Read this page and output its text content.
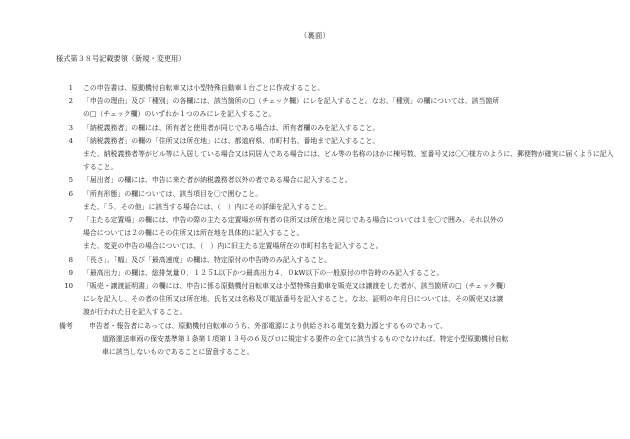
（裏面）
様式第３８号記載要領（新規・変更用）
1 この申告書は、原動機付自転車又は小型特殊自動車１台ごとに作成すること。
2 「申告の理由」及び「種別」の各欄には、該当箇所の□（チェック欄）にレを記入すること。なお、「種別」の欄については、該当箇所
の□（チェック欄）のいずれか１つのみにレを記入すること。
3 「納税義務者」の欄には、所有者と使用者が同じである場合は、所有者欄のみを記入すること。
4 「納税義務者」の欄の「住所又は所在地」には、都道府県、市町村名、番地まで記入すること。
また、納税義務者等がビル等に入居している場合又は同居人である場合には、ビル等の名称のほかに棟号数、室番号又は〇〇様方のように、郵便物が確実に届くように記入すること。
5 「届出者」の欄には、申告に来た者が納税義務者以外の者である場合に記入すること。
6 「所有形態」の欄については、該当項目を〇で囲むこと。
また、「５．その他」に該当する場合には、（　）内にその詳細を記入すること。
7 「主たる定置場」の欄には、申告の際の主たる定置場が所有者の住所又は所在地と同じである場合については１を〇で囲み、それ以外の
場合については２の欄にその住所又は所在地を具体的に記入すること。
また、変更の申告の場合については、（　）内に旧主たる定置場所在の市町村名を記入すること。
8 「長さ」、「幅」及び「最高速度」の欄は、特定原付の申告時のみ記入すること。
9 「最高出力」の欄は、総排気量０．１２５L以下かつ最高出力４．０kW以下の一般原付の申告時のみ記入すること。
10 「販売・譲渡証明書」の欄には、申告に係る原動機付自転車又は小型特殊自動車を販売又は譲渡をした者が、該当箇所の□（チェック欄）
にレを記入し、その者の住所又は所在地、氏名又は名称及び電話番号を記入すること。なお、証明の年月日については、その販売又は譲
渡が行われた日を記入すること。
備考	申告者・報告者にあっては、原動機付自転車のうち、外部電源により供給される電気を動力源とするものであって、
道路運送車両の保安基準第１条第１項第１３号の６及びロに規定する要件の全てに該当するものでなければ、特定小型原動機付自転
車に該当しないものであることに留意すること。
